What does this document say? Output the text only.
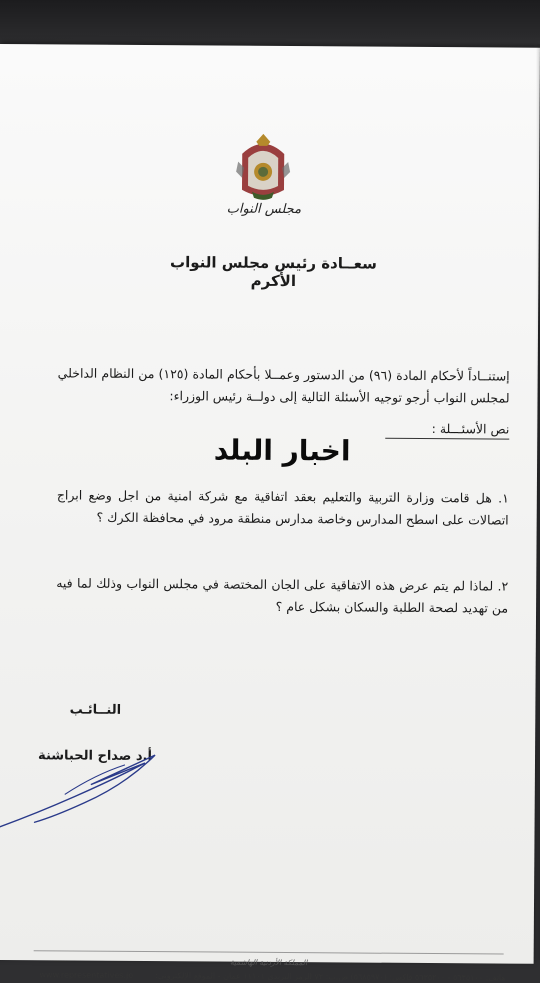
مجلس النواب
سعــادة رئيس مجلس النواب الأكرم
إستنــاداً لأحكام المادة (٩٦) من الدستور وعمــلا بأحكام المادة (١٢٥) من النظام الداخلي لمجلس النواب أرجو توجيه الأسئلة التالية إلى دولــة رئيس الوزراء:
نص الأسئـــلة :
اخبار البلد
١. هل قامت وزارة التربية والتعليم بعقد اتفاقية مع شركة امنية من اجل وضع ابراج اتصالات على اسطح المدارس وخاصة مدارس منطقة مرود في محافظة الكرك ؟
٢. لماذا لم يتم عرض هذه الاتفاقية على الجان المختصة في مجلس النواب وذلك لما فيه من تهديد لصحة الطلبة والسكان بشكل عام ؟
النــائـب
أ.د صداح الحباشنة
المملكة الأردنية الهاشمية
هاتف: ٥٦٣٥١٠٠ - ٥٦٣٥٢٠٠ فاكس: (٥٦٨٥٩٧٠) ص.ب: ٧٢ الرمز البريدي ١١١٠١ عمان - الموقع الإلكتروني:
www.representatives.jo
